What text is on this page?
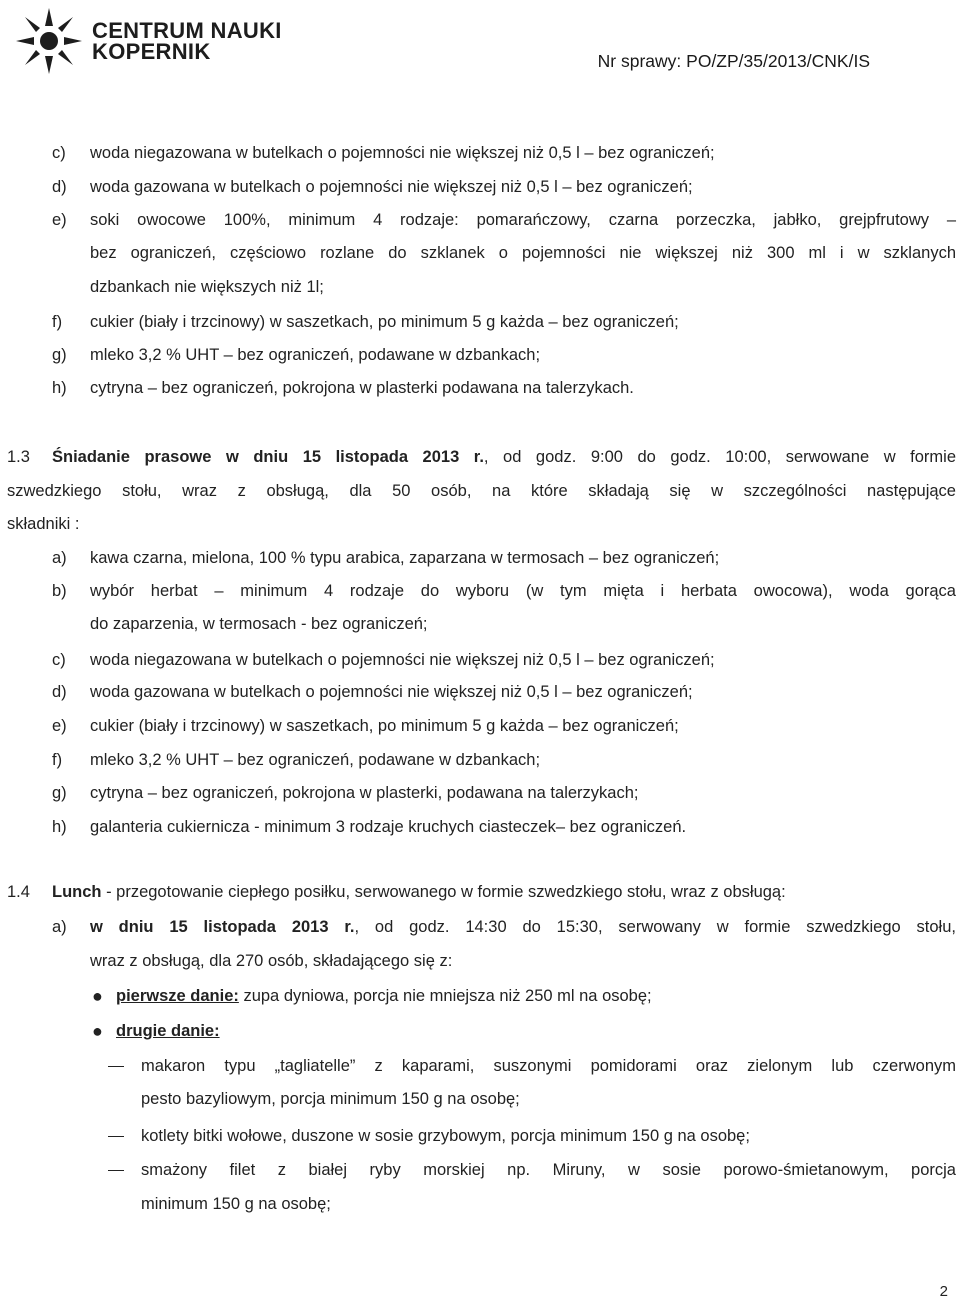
CENTRUM NAUKI
KOPERNIK	Nr sprawy: PO/ZP/35/2013/CNK/IS
c) woda niegazowana w butelkach o pojemności nie większej niż 0,5 l – bez ograniczeń;
d) woda gazowana w butelkach o pojemności nie większej niż 0,5 l – bez ograniczeń;
e) soki owocowe 100%, minimum 4 rodzaje: pomarańczowy, czarna porzeczka, jabłko, grejpfrutowy –
bez ograniczeń, częściowo rozlane do szklanek o pojemności nie większej niż 300 ml i w szklanych
dzbankach nie większych niż 1l;
f) cukier (biały i trzcinowy) w saszetkach, po minimum 5 g każda – bez ograniczeń;
g) mleko 3,2 % UHT – bez ograniczeń, podawane w dzbankach;
h) cytryna – bez ograniczeń, pokrojona w plasterki podawana na talerzykach.
1.3 Śniadanie prasowe w dniu 15 listopada 2013 r., od godz. 9:00 do godz. 10:00, serwowane w formie
szwedzkiego stołu, wraz z obsługą, dla 50 osób, na które składają się w szczególności następujące
składniki :
a) kawa czarna, mielona, 100 % typu arabica, zaparzana w termosach – bez ograniczeń;
b) wybór herbat – minimum 4 rodzaje do wyboru (w tym mięta i herbata owocowa), woda gorąca
do zaparzenia, w termosach - bez ograniczeń;
c) woda niegazowana w butelkach o pojemności nie większej niż 0,5 l – bez ograniczeń;
d) woda gazowana w butelkach o pojemności nie większej niż 0,5 l – bez ograniczeń;
e) cukier (biały i trzcinowy) w saszetkach, po minimum 5 g każda – bez ograniczeń;
f) mleko 3,2 % UHT – bez ograniczeń, podawane w dzbankach;
g) cytryna – bez ograniczeń, pokrojona w plasterki, podawana na talerzykach;
h) galanteria cukiernicza - minimum 3 rodzaje kruchych ciasteczek– bez ograniczeń.
1.4 Lunch - przegotowanie ciepłego posiłku, serwowanego w formie szwedzkiego stołu, wraz z obsługą:
a) w dniu 15 listopada 2013 r., od godz. 14:30 do 15:30, serwowany w formie szwedzkiego stołu,
wraz z obsługą, dla 270 osób, składającego się z:
● pierwsze danie: zupa dyniowa, porcja nie mniejsza niż 250 ml na osobę;
● drugie danie:
makaron typu „tagliatelle” z kaparami, suszonymi pomidorami oraz zielonym lub czerwonym
pesto bazyliowym, porcja minimum 150 g na osobę;
kotlety bitki wołowe, duszone w sosie grzybowym, porcja minimum 150 g na osobę;
smażony filet z białej ryby morskiej np. Miruny, w sosie porowo-śmietanowym, porcja
minimum 150 g na osobę;
2
